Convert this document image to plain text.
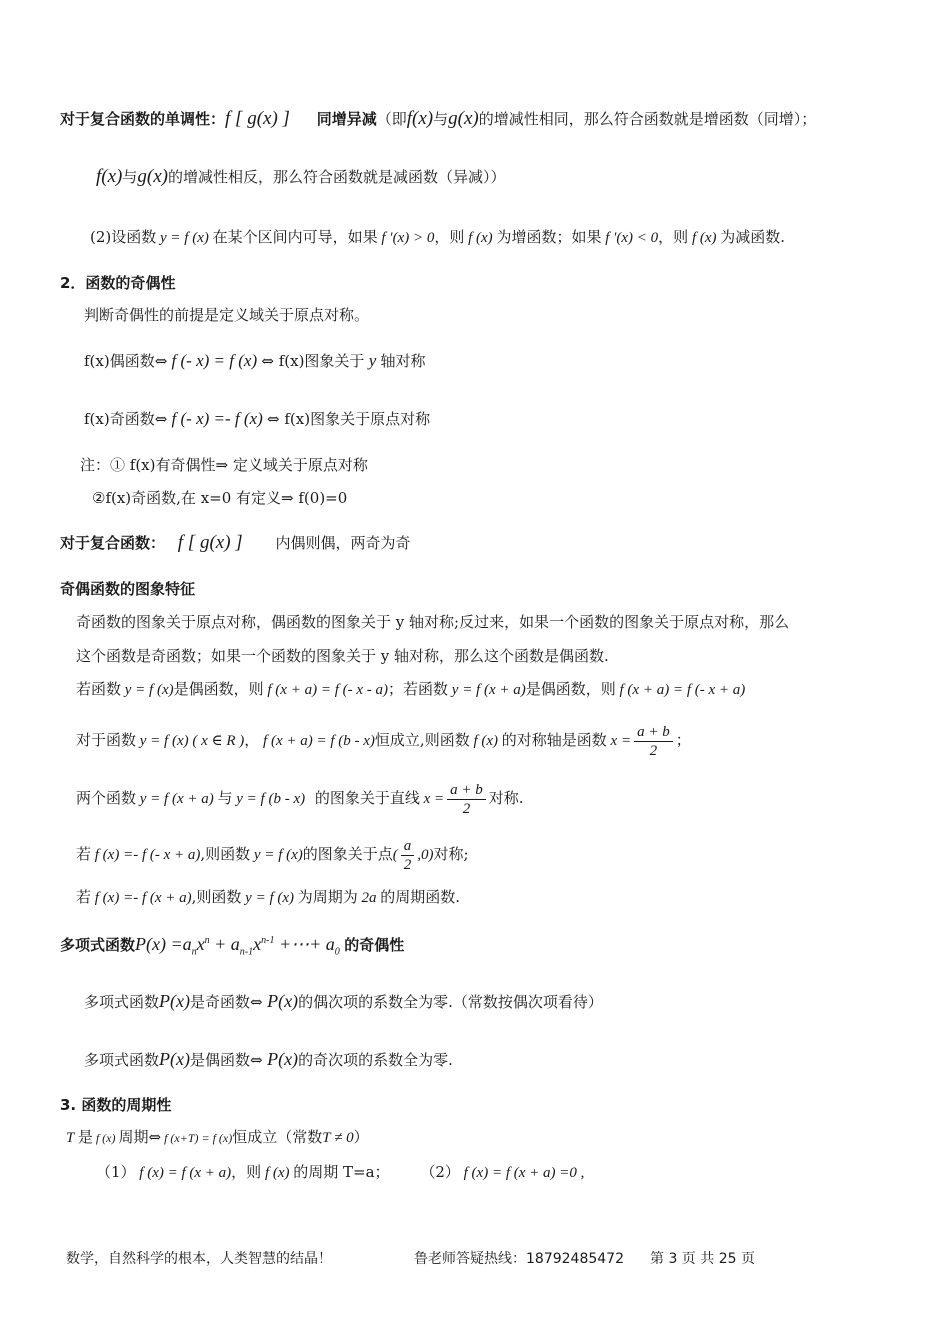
对于复合函数的单调性：f [ g(x) ] 同增异减（即f(x)与g(x)的增减性相同，那么符合函数就是增函数（同增）；
f(x)与g(x)的增减性相反，那么符合函数就是减函数（异减））
(2)设函数 y = f (x) 在某个区间内可导，如果 f ′(x) > 0，则 f (x) 为增函数；如果 f ′(x) < 0，则 f (x) 为减函数.
2．函数的奇偶性
判断奇偶性的前提是定义域关于原点对称。
f(x)偶函数⇔ f (- x) = f (x) ⇔ f(x)图象关于 y 轴对称
f(x)奇函数⇔ f (- x) =- f (x) ⇔ f(x)图象关于原点对称
注：① f(x)有奇偶性⇒ 定义域关于原点对称
②f(x)奇函数,在 x=0 有定义⇒ f(0)=0
对于复合函数： f [ g(x) ] 内偶则偶，两奇为奇
奇偶函数的图象特征
奇函数的图象关于原点对称，偶函数的图象关于 y 轴对称;反过来，如果一个函数的图象关于原点对称，那么
这个函数是奇函数；如果一个函数的图象关于 y 轴对称，那么这个函数是偶函数.
若函数 y = f (x)是偶函数，则 f (x + a) = f (- x - a)；若函数 y = f (x + a)是偶函数，则 f (x + a) = f (- x + a)
对于函数 y = f (x) ( x ∈ R )， f (x + a) = f (b - x)恒成立,则函数 f (x) 的对称轴是函数 $x = \frac{a + b}{2}$ ；
两个函数 y = f (x + a) 与 y = f (b - x) 的图象关于直线 $x = \frac{a + b}{2}$ 对称.
若 f (x) =- f (- x + a),则函数 y = f (x)的图象关于点( $\frac{a}{2} ,0$)对称;
若 f (x) =- f (x + a),则函数 y = f (x) 为周期为 2a 的周期函数.
多项式函数$P(x) =a_nx^n + a_{n-1}x^{n-1}$ +⋯+ $a_0$ 的奇偶性
多项式函数P(x)是奇函数⇔ P(x)的偶次项的系数全为零.（常数按偶次项看待）
多项式函数P(x)是偶函数⇔ P(x)的奇次项的系数全为零.
3. 函数的周期性
T 是 f (x) 周期⇔ f (x+T) = f (x)恒成立（常数T ≠ 0）
（1） f (x) = f (x + a)，则 f (x) 的周期 T=a； （2） f (x) = f (x + a) =0 ,
数学，自然科学的根本，人类智慧的结晶！	鲁老师答疑热线：18792485472 第 3 页 共 25 页
